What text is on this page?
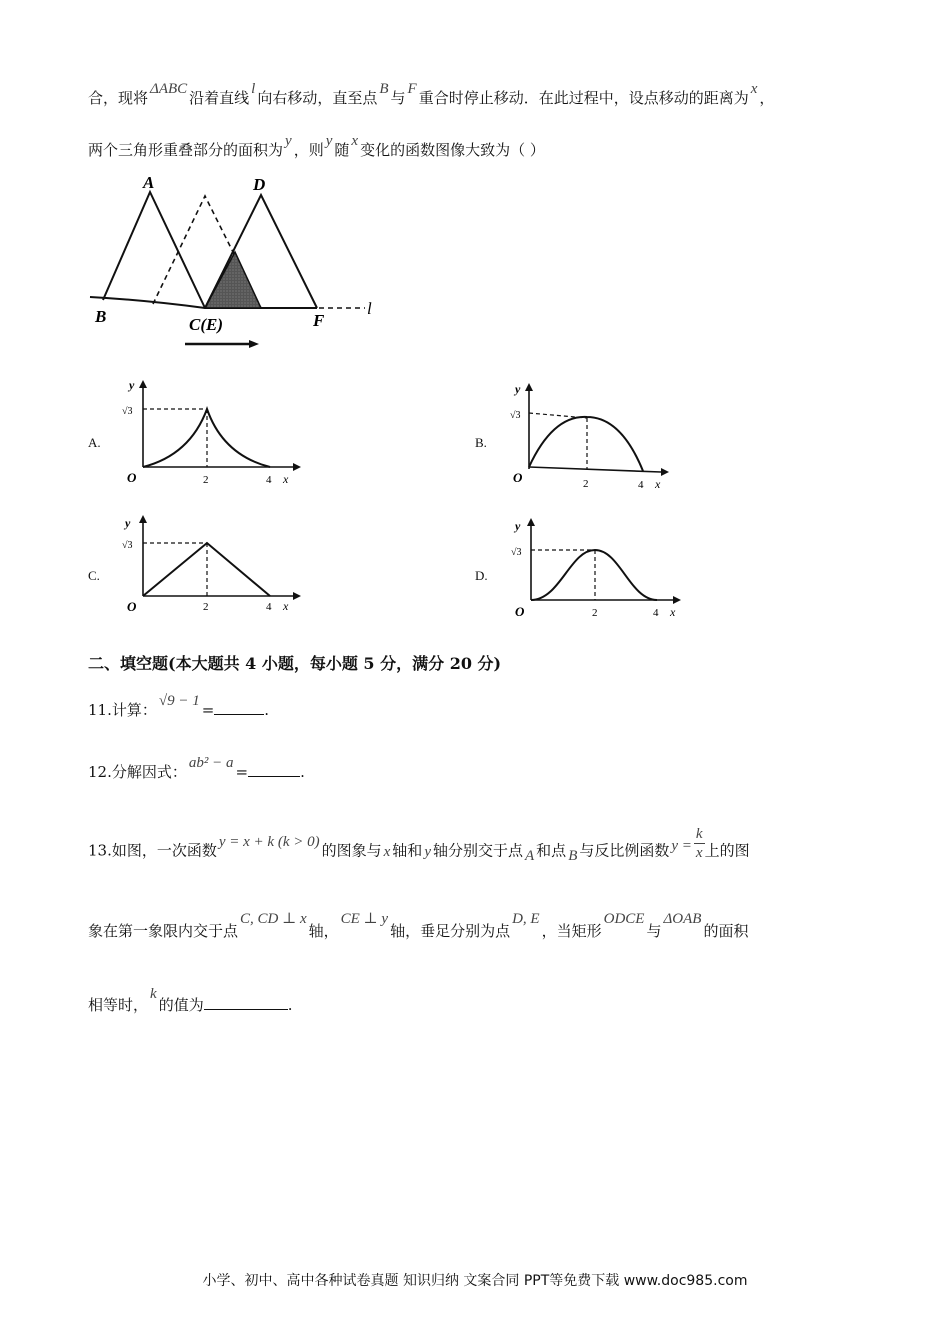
合，现将 ΔABC 沿着直线 l 向右移动，直至点 B 与 F 重合时停止移动．在此过程中，设点移动的距离为 x ，
两个三角形重叠部分的面积为 y ，则 y 随 x 变化的函数图像大致为（ ）
A	D
B	C(E)	F
l
A.
y
√3
O	2	4 x
B.
y
√3
O	2	4 x
C.
y
√3
O	2	4 x
D.
y
√3
O	2	4 x
二、填空题(本大题共 4 小题，每小题 5 分，满分 20 分)
11.计算： √9 − 1 =	.
12.分解因式： ab² − a =	.
13.如图，一次函数 y = x + k (k > 0) 的图象与 x 轴和 y 轴分别交于点 A 和点 B 与反比例函数 $y = \frac{k}{x}$ 上的图
象在第一象限内交于点C, CD ⊥ x轴，CE ⊥ y轴，垂足分别为点D, E，当矩形ODCE与ΔOAB的面积
相等时，k的值为	.
小学、初中、高中各种试卷真题 知识归纳 文案合同 PPT等免费下载 www.doc985.com
